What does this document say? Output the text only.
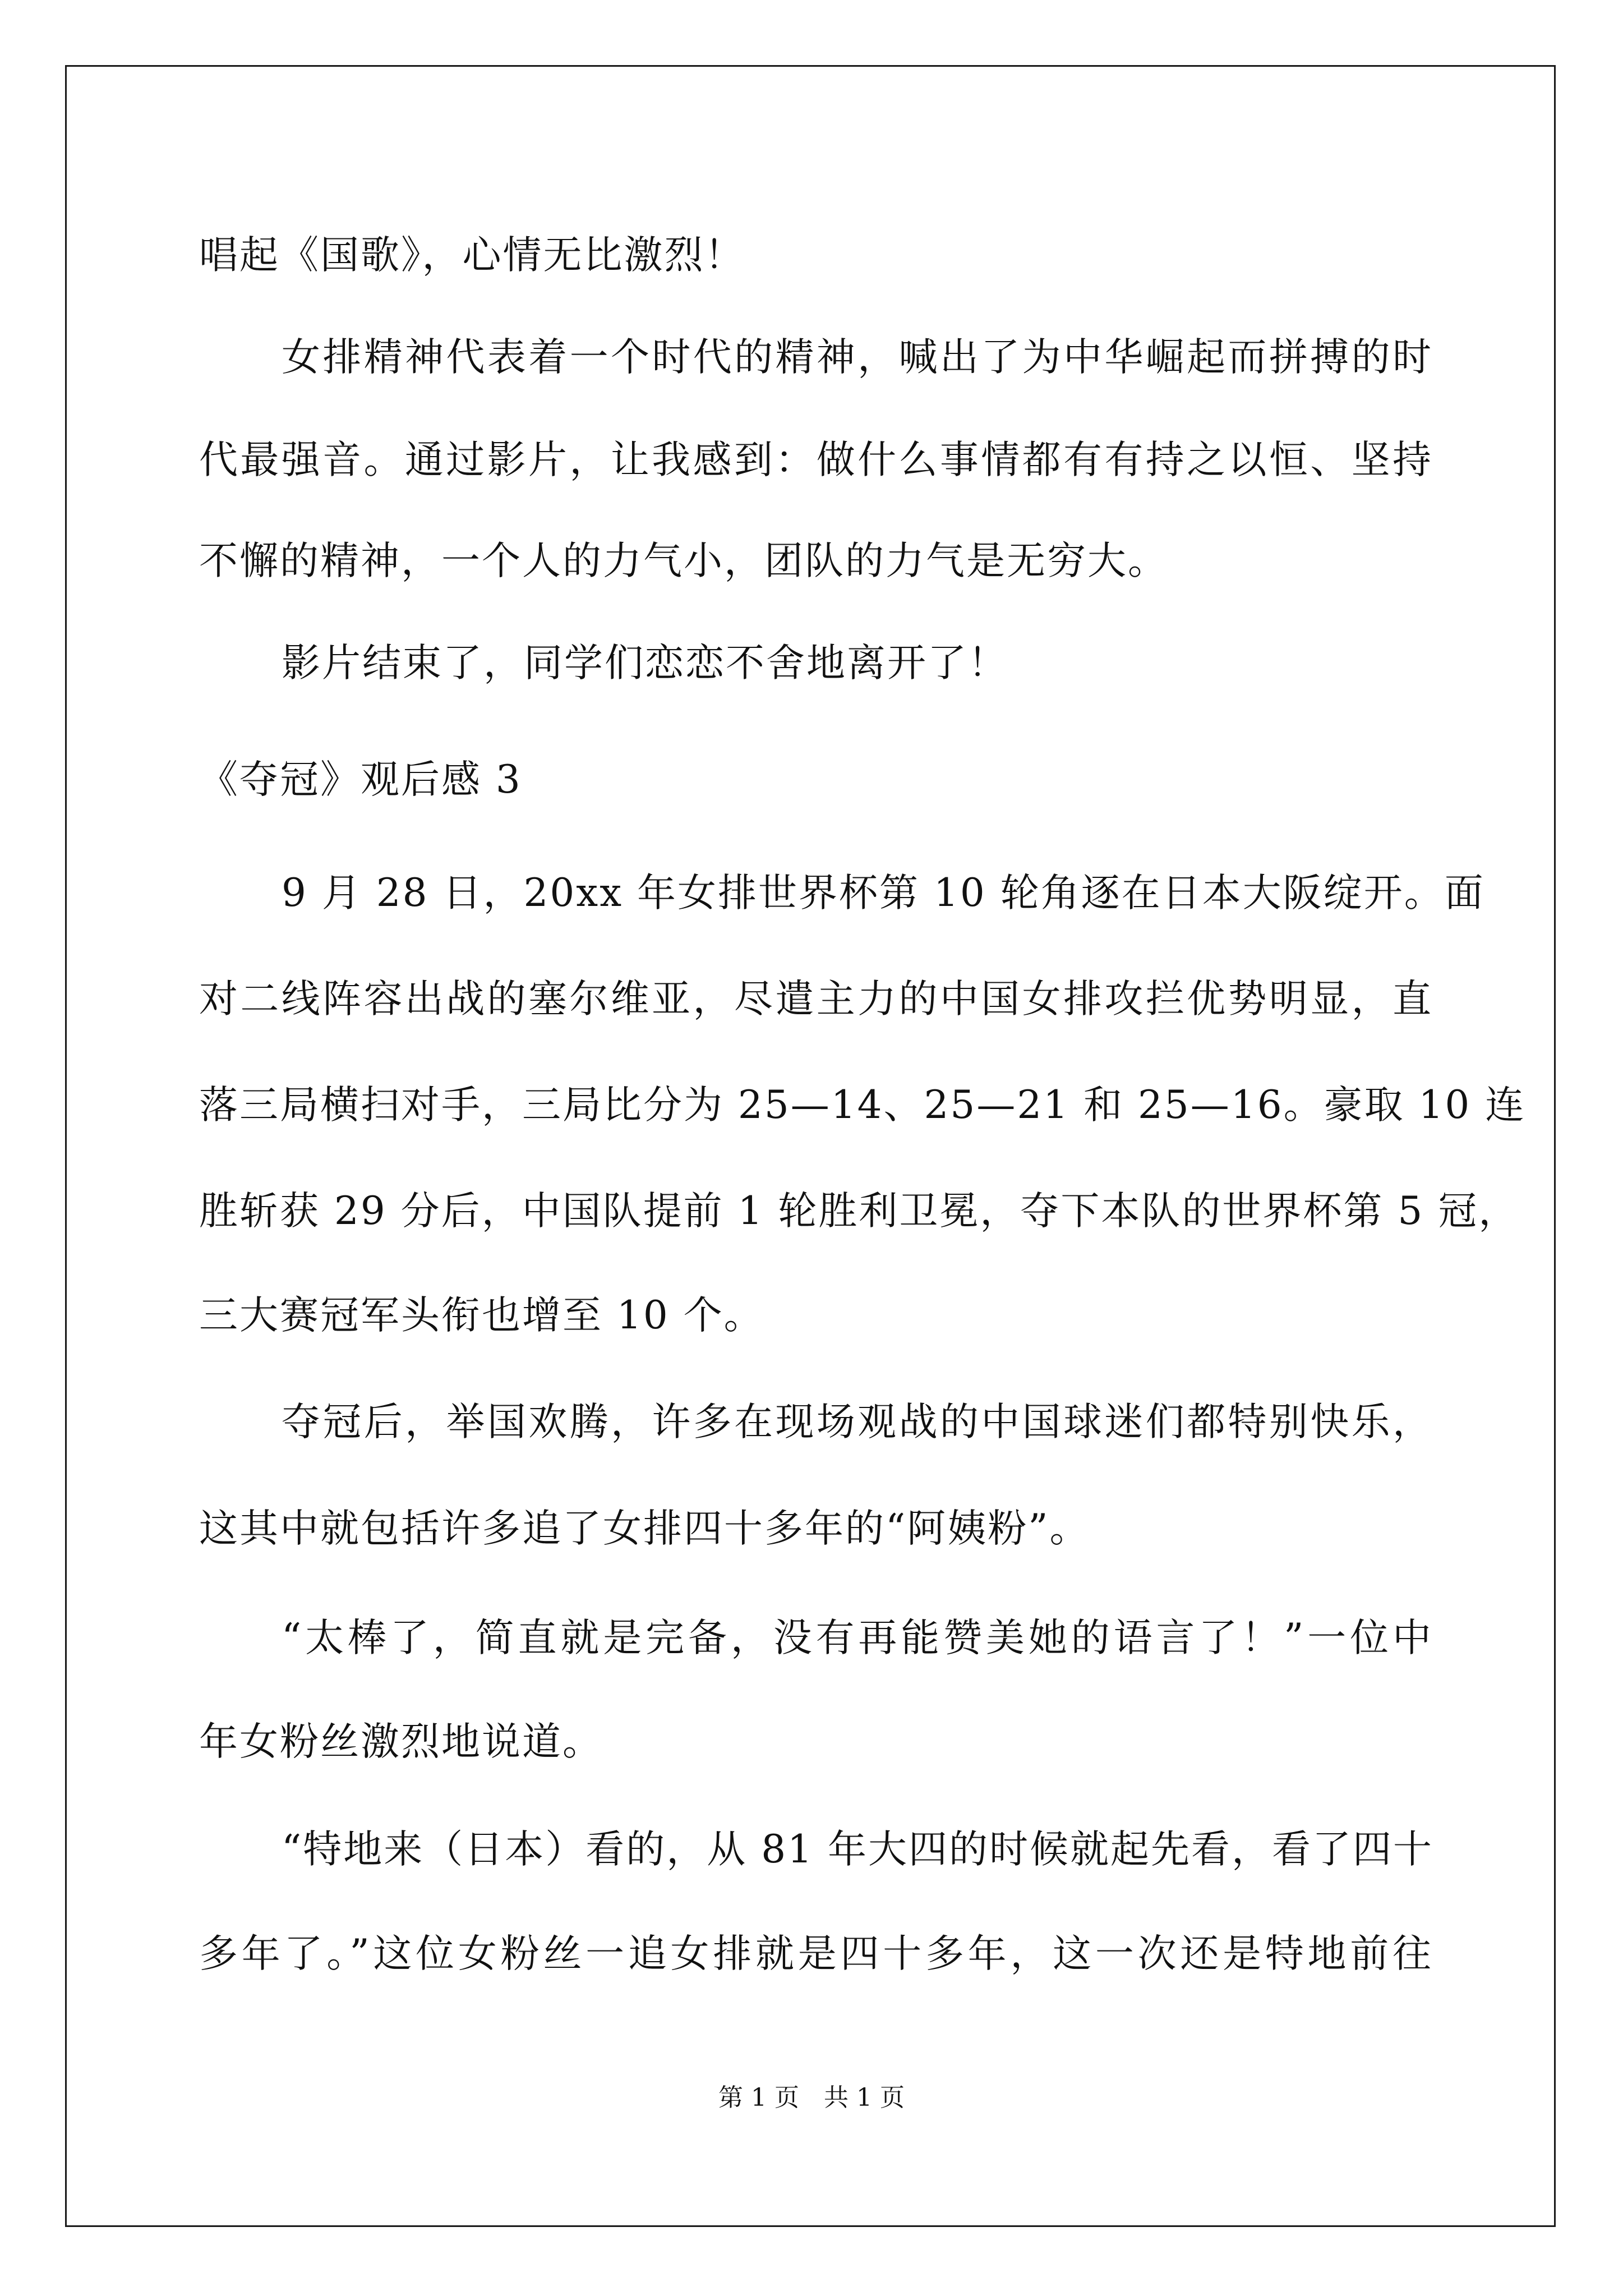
唱起《国歌》，心情无比激烈！
女排精神代表着一个时代的精神，喊出了为中华崛起而拼搏的时
代最强音。通过影片，让我感到：做什么事情都有有持之以恒、坚持
不懈的精神，一个人的力气小，团队的力气是无穷大。
影片结束了，同学们恋恋不舍地离开了！
《夺冠》观后感 3
9 月 28 日，20xx 年女排世界杯第 10 轮角逐在日本大阪绽开。面
对二线阵容出战的塞尔维亚，尽遣主力的中国女排攻拦优势明显，直
落三局横扫对手，三局比分为 25—14、25—21 和 25—16。豪取 10 连
胜斩获 29 分后，中国队提前 1 轮胜利卫冕，夺下本队的世界杯第 5 冠，
三大赛冠军头衔也增至 10 个。
夺冠后，举国欢腾，许多在现场观战的中国球迷们都特别快乐，
这其中就包括许多追了女排四十多年的“阿姨粉”。
“太棒了，简直就是完备，没有再能赞美她的语言了！”一位中
年女粉丝激烈地说道。
“特地来（日本）看的，从 81 年大四的时候就起先看，看了四十
多年了。”这位女粉丝一追女排就是四十多年，这一次还是特地前往
第 1 页　共 1 页
